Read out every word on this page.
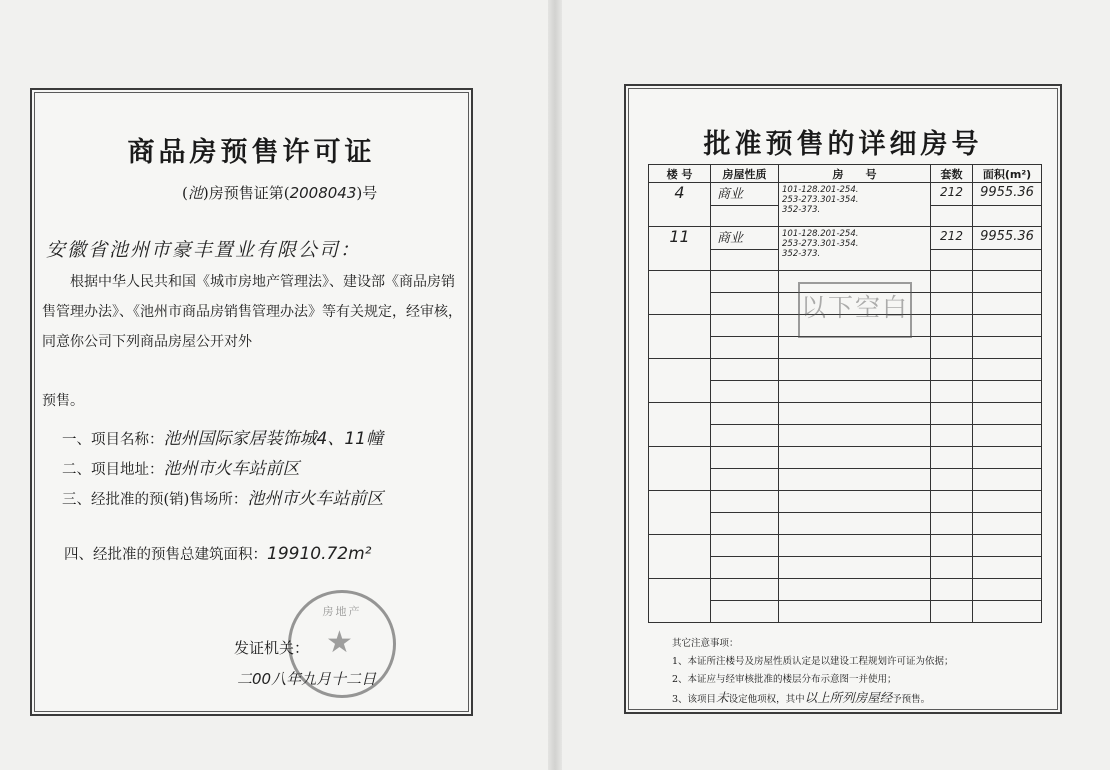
商品房预售许可证
(池)房预售证第(2008043)号
安徽省池州市豪丰置业有限公司：
根据中华人民共和国《城市房地产管理法》、建设部《商品房销售管理办法》、《池州市商品房销售管理办法》等有关规定，经审核，同意你公司下列商品房屋公开对外
预售。
一、项目名称：池州国际家居装饰城4、11幢
二、项目地址：池州市火车站前区
三、经批准的预(销)售场所：池州市火车站前区
四、经批准的预售总建筑面积：19910.72m²
房地产
★
发证机关：
二00八年九月十二日
批准预售的详细房号
楼 号	房屋性质	房　　号	套数	面积(m²)
4	商业	101-128.201-254.
253-273.301-354.
352-373.	212	9955.36

11	商业	101-128.201-254.
253-273.301-354.
352-373.	212	9955.36

以下空白
其它注意事项：
1、本证所注楼号及房屋性质认定是以建设工程规划许可证为依据；
2、本证应与经审核批准的楼层分布示意图一并使用；
3、该项目未设定他项权，其中以上所列房屋经予预售。
